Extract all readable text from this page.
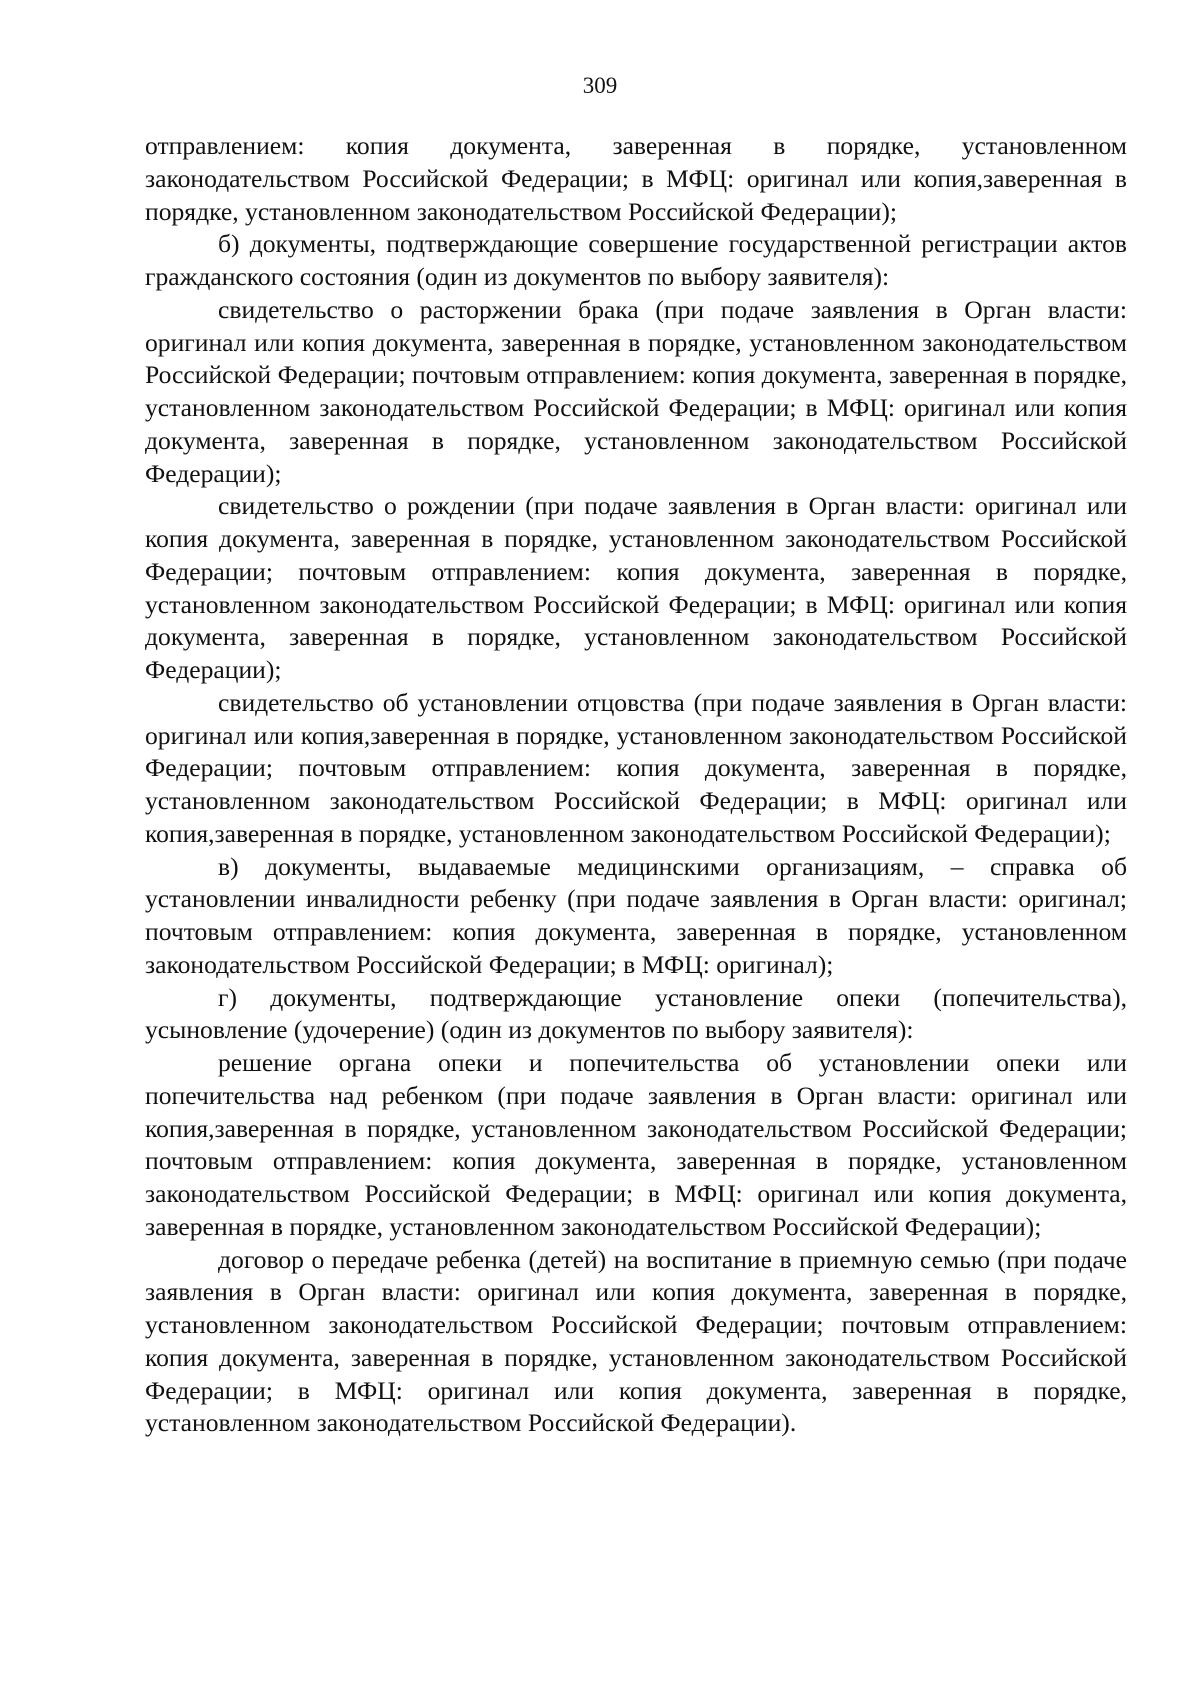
309

отправлением: копия документа, заверенная в порядке, установленном законодательством Российской Федерации; в МФЦ: оригинал или копия,заверенная в порядке, установленном законодательством Российской Федерации);

б) документы, подтверждающие совершение государственной регистрации актов гражданского состояния (один из документов по выбору заявителя):

свидетельство о расторжении брака (при подаче заявления в Орган власти: оригинал или копия документа, заверенная в порядке, установленном законодательством Российской Федерации; почтовым отправлением: копия документа, заверенная в порядке, установленном законодательством Российской Федерации; в МФЦ: оригинал или копия документа, заверенная в порядке, установленном законодательством Российской Федерации);

свидетельство о рождении (при подаче заявления в Орган власти: оригинал или копия документа, заверенная в порядке, установленном законодательством Российской Федерации; почтовым отправлением: копия документа, заверенная в порядке, установленном законодательством Российской Федерации; в МФЦ: оригинал или копия документа, заверенная в порядке, установленном законодательством Российской Федерации);

свидетельство об установлении отцовства (при подаче заявления в Орган власти: оригинал или копия,заверенная в порядке, установленном законодательством Российской Федерации; почтовым отправлением: копия документа, заверенная в порядке, установленном законодательством Российской Федерации; в МФЦ: оригинал или копия,заверенная в порядке, установленном законодательством Российской Федерации);

в) документы, выдаваемые медицинскими организациям, – справка об установлении инвалидности ребенку (при подаче заявления в Орган власти: оригинал; почтовым отправлением: копия документа, заверенная в порядке, установленном законодательством Российской Федерации; в МФЦ: оригинал);

г) документы, подтверждающие установление опеки (попечительства), усыновление (удочерение) (один из документов по выбору заявителя):

решение органа опеки и попечительства об установлении опеки или попечительства над ребенком (при подаче заявления в Орган власти: оригинал или копия,заверенная в порядке, установленном законодательством Российской Федерации; почтовым отправлением: копия документа, заверенная в порядке, установленном законодательством Российской Федерации; в МФЦ: оригинал или копия документа, заверенная в порядке, установленном законодательством Российской Федерации);

договор о передаче ребенка (детей) на воспитание в приемную семью (при подаче заявления в Орган власти: оригинал или копия документа, заверенная в порядке, установленном законодательством Российской Федерации; почтовым отправлением: копия документа, заверенная в порядке, установленном законодательством Российской Федерации; в МФЦ: оригинал или копия документа, заверенная в порядке, установленном законодательством Российской Федерации).
